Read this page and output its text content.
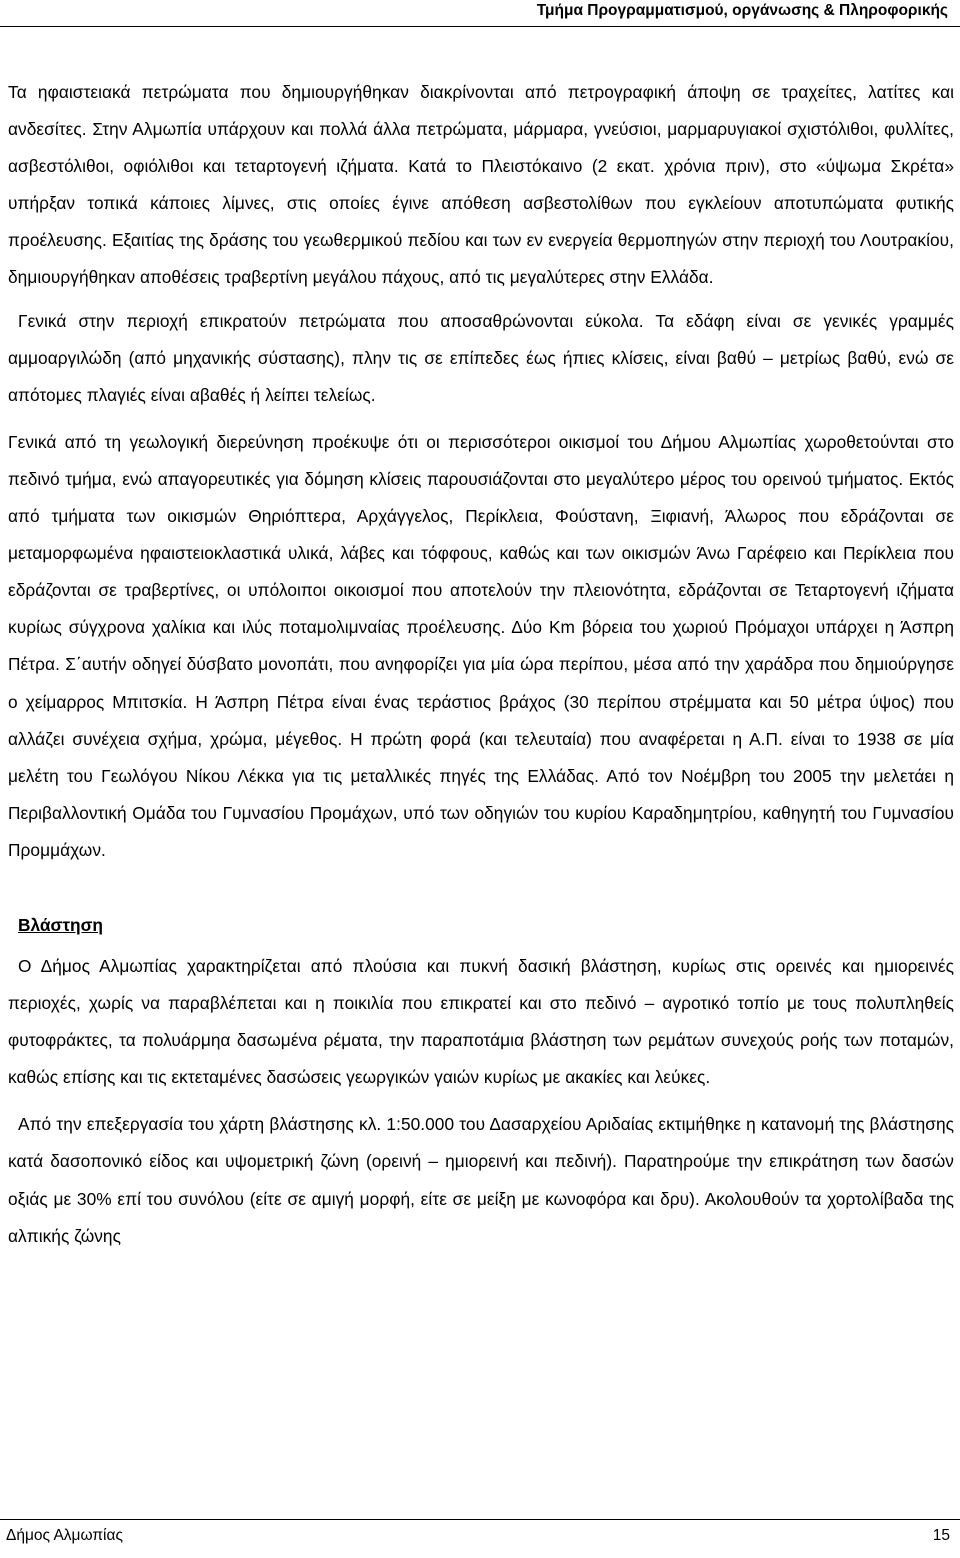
Τμήμα Προγραμματισμού, οργάνωσης & Πληροφορικής

Τα ηφαιστειακά πετρώματα που δημιουργήθηκαν διακρίνονται από πετρογραφική άποψη σε τραχείτες, λατίτες και ανδεσίτες. Στην Αλμωπία υπάρχουν και πολλά άλλα πετρώματα, μάρμαρα, γνεύσιοι, μαρμαρυγιακοί σχιστόλιθοι, φυλλίτες, ασβεστόλιθοι, οφιόλιθοι και τεταρτογενή ιζήματα. Κατά το Πλειστόκαινο (2 εκατ. χρόνια πριν), στο «ύψωμα Σκρέτα» υπήρξαν τοπικά κάποιες λίμνες, στις οποίες έγινε απόθεση ασβεστολίθων που εγκλείουν αποτυπώματα φυτικής προέλευσης. Εξαιτίας της δράσης του γεωθερμικού πεδίου και των εν ενεργεία θερμοπηγών στην περιοχή του Λουτρακίου, δημιουργήθηκαν αποθέσεις τραβερτίνη μεγάλου πάχους, από τις μεγαλύτερες στην Ελλάδα.

Γενικά στην περιοχή επικρατούν πετρώματα που αποσαθρώνονται εύκολα. Τα εδάφη είναι σε γενικές γραμμές αμμοαργιλώδη (από μηχανικής σύστασης), πλην τις σε επίπεδες έως ήπιες κλίσεις, είναι βαθύ – μετρίως βαθύ, ενώ σε απότομες πλαγιές είναι αβαθές ή λείπει τελείως.

Γενικά από τη γεωλογική διερεύνηση προέκυψε ότι οι περισσότεροι οικισμοί του Δήμου Αλμωπίας χωροθετούνται στο πεδινό τμήμα, ενώ απαγορευτικές για δόμηση κλίσεις παρουσιάζονται στο μεγαλύτερο μέρος του ορεινού τμήματος. Εκτός από τμήματα των οικισμών Θηριόπτερα, Αρχάγγελος, Περίκλεια, Φούστανη, Ξιφιανή, Άλωρος που εδράζονται σε μεταμορφωμένα ηφαιστειοκλαστικά υλικά, λάβες και τόφφους, καθώς και των οικισμών Άνω Γαρέφειο και Περίκλεια που εδράζονται σε τραβερτίνες, οι υπόλοιποι οικοισμοί που αποτελούν την πλειονότητα, εδράζονται σε Τεταρτογενή ιζήματα κυρίως σύγχρονα χαλίκια και ιλύς ποταμολιμναίας προέλευσης. Δύο Km βόρεια του χωριού Πρόμαχοι υπάρχει η Άσπρη Πέτρα. Σ΄αυτήν οδηγεί δύσβατο μονοπάτι, που ανηφορίζει για μία ώρα περίπου, μέσα από την χαράδρα που δημιούργησε ο χείμαρρος Μπιτσκία. Η Άσπρη Πέτρα είναι ένας τεράστιος βράχος (30 περίπου στρέμματα και 50 μέτρα ύψος) που αλλάζει συνέχεια σχήμα, χρώμα, μέγεθος. Η πρώτη φορά (και τελευταία) που αναφέρεται η Α.Π. είναι το 1938 σε μία μελέτη του Γεωλόγου Νίκου Λέκκα για τις μεταλλικές πηγές της Ελλάδας. Από τον Νοέμβρη του 2005 την μελετάει η Περιβαλλοντική Ομάδα του Γυμνασίου Προμάχων, υπό των οδηγιών του κυρίου Καραδημητρίου, καθηγητή του Γυμνασίου Προμμάχων.

Βλάστηση

Ο Δήμος Αλμωπίας χαρακτηρίζεται από πλούσια και πυκνή δασική βλάστηση, κυρίως στις ορεινές και ημιορεινές περιοχές, χωρίς να παραβλέπεται και η ποικιλία που επικρατεί και στο πεδινό – αγροτικό τοπίο με τους πολυπληθείς φυτοφράκτες, τα πολυάρμηα δασωμένα ρέματα, την παραποτάμια βλάστηση των ρεμάτων συνεχούς ροής των ποταμών, καθώς επίσης και τις εκτεταμένες δασώσεις γεωργικών γαιών κυρίως με ακακίες και λεύκες.

Από την επεξεργασία του χάρτη βλάστησης κλ. 1:50.000 του Δασαρχείου Αριδαίας εκτιμήθηκε η κατανομή της βλάστησης κατά δασοπονικό είδος και υψομετρική ζώνη (ορεινή – ημιορεινή και πεδινή). Παρατηρούμε την επικράτηση των δασών οξιάς με 30% επί του συνόλου (είτε σε αμιγή μορφή, είτε σε μείξη με κωνοφόρα και δρυ). Ακολουθούν τα χορτολίβαδα της αλπικής ζώνης

Δήμος Αλμωπίας	15
